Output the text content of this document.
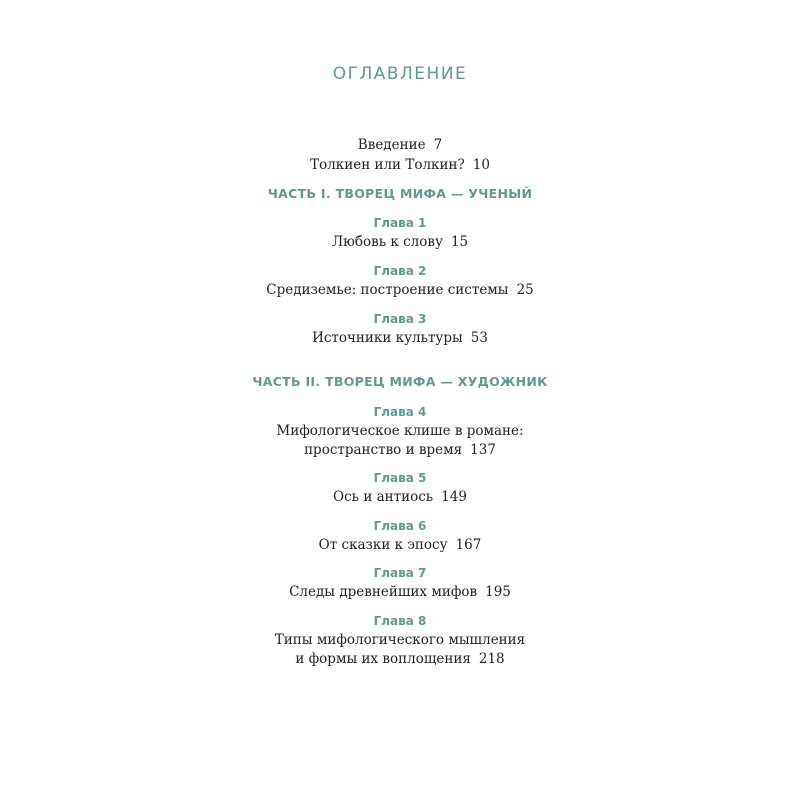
ОГЛАВЛЕНИЕ
Введение 7
Толкиен или Толкин? 10
ЧАСТЬ I. ТВОРЕЦ МИФА — УЧЕНЫЙ
Глава 1
Любовь к слову 15
Глава 2
Средиземье: построение системы 25
Глава 3
Источники культуры 53
ЧАСТЬ II. ТВОРЕЦ МИФА — ХУДОЖНИК
Глава 4
Мифологическое клише в романе:
пространство и время 137
Глава 5
Ось и антиось 149
Глава 6
От сказки к эпосу 167
Глава 7
Следы древнейших мифов 195
Глава 8
Типы мифологического мышления
и формы их воплощения 218
